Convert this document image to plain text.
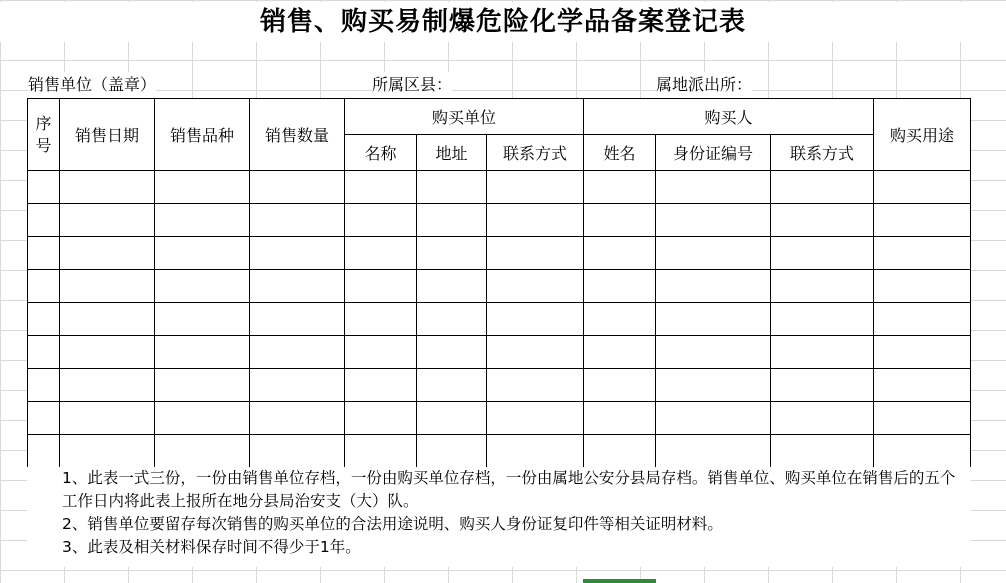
销售、购买易制爆危险化学品备案登记表
销售单位（盖章）	所属区县：	属地派出所：
序号	销售日期	销售品种	销售数量	购买单位			购买人			购买用途
				名称	地址	联系方式	姓名	身份证编号	联系方式	

1、此表一式三份，一份由销售单位存档，一份由购买单位存档，一份由属地公安分县局存档。销售单位、购买单位在销售后的五个工作日内将此表上报所在地分县局治安支（大）队。

2、销售单位要留存每次销售的购买单位的合法用途说明、购买人身份证复印件等相关证明材料。

3、此表及相关材料保存时间不得少于1年。
